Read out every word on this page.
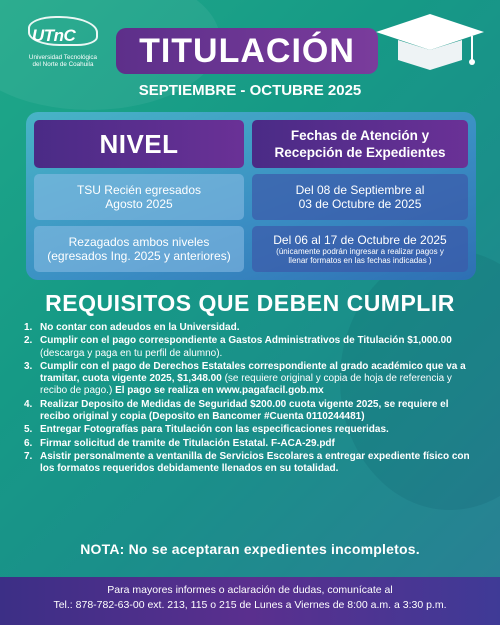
UTnC
Universidad Tecnológica
del Norte de Coahuila	TITULACIÓN
SEPTIEMBRE - OCTUBRE 2025
NIVEL	Fechas de Atención y
Recepción de Expedientes
TSU Recién egresados
Agosto 2025
Del 08 de Septiembre al
03 de Octubre de 2025
Rezagados ambos niveles
(egresados Ing. 2025 y anteriores)
Del 06 al 17 de Octubre de 2025
(únicamente podrán ingresar a realizar pagos y
llenar formatos en las fechas indicadas )
REQUISITOS QUE DEBEN CUMPLIR
1. No contar con adeudos en la Universidad.
2. Cumplir con el pago correspondiente a Gastos Administrativos de Titulación $1,000.00 (descarga y paga en tu perfil de alumno).
3. Cumplir con el pago de Derechos Estatales correspondiente al grado académico que va a tramitar, cuota vigente 2025, $1,348.00 (se requiere original y copia de hoja de referencia y recibo de pago.) El pago se realiza en www.pagafacil.gob.mx
4. Realizar Deposito de Medidas de Seguridad $200.00 cuota vigente 2025, se requiere el recibo original y copia (Deposito en Bancomer #Cuenta 0110244481)
5. Entregar Fotografías para Titulación con las especificaciones requeridas.
6. Firmar solicitud de tramite de Titulación Estatal. F-ACA-29.pdf
7. Asistir personalmente a ventanilla de Servicios Escolares a entregar expediente físico con los formatos requeridos debidamente llenados en su totalidad.
NOTA: No se aceptaran expedientes incompletos.
Para mayores informes o aclaración de dudas, comunícate al
Tel.: 878-782-63-00 ext. 213, 115 o 215 de Lunes a Viernes de 8:00 a.m. a 3:30 p.m.
